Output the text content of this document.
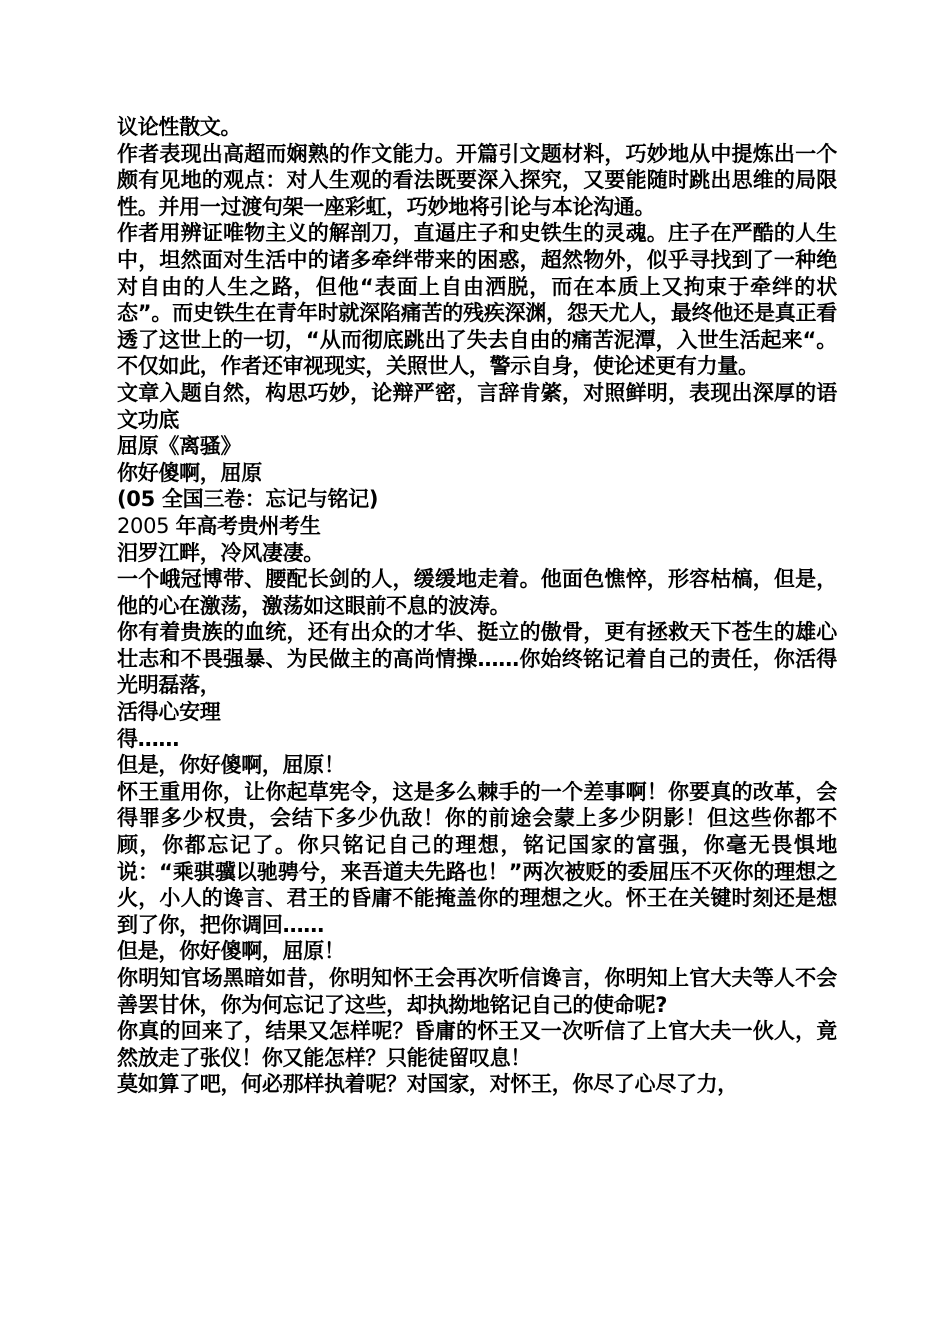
议论性散文。

作者表现出高超而娴熟的作文能力。开篇引文题材料，巧妙地从中提炼出一个颇有见地的观点：对人生观的看法既要深入探究，又要能随时跳出思维的局限性。并用一过渡句架一座彩虹，巧妙地将引论与本论沟通。

作者用辨证唯物主义的解剖刀，直逼庄子和史铁生的灵魂。庄子在严酷的人生中，坦然面对生活中的诸多牵绊带来的困惑，超然物外，似乎寻找到了一种绝对自由的人生之路，但他“表面上自由洒脱，而在本质上又拘束于牵绊的状态”。而史铁生在青年时就深陷痛苦的残疾深渊，怨天尤人，最终他还是真正看透了这世上的一切，“从而彻底跳出了失去自由的痛苦泥潭，入世生活起来“。不仅如此，作者还审视现实，关照世人，警示自身，使论述更有力量。

文章入题自然，构思巧妙，论辩严密，言辞肯綮，对照鲜明，表现出深厚的语文功底

屈原《离骚》

你好傻啊，屈原

(05 全国三卷：忘记与铭记)

2005 年高考贵州考生

汨罗江畔，冷风凄凄。

一个峨冠博带、腰配长剑的人，缓缓地走着。他面色憔悴，形容枯槁，但是，他的心在激荡，激荡如这眼前不息的波涛。

你有着贵族的血统，还有出众的才华、挺立的傲骨，更有拯救天下苍生的雄心壮志和不畏强暴、为民做主的高尚情操……你始终铭记着自己的责任，你活得光明磊落，

活得心安理

得……

但是，你好傻啊，屈原！

怀王重用你，让你起草宪令，这是多么棘手的一个差事啊！你要真的改革，会得罪多少权贵，会结下多少仇敌！你的前途会蒙上多少阴影！但这些你都不顾，你都忘记了。你只铭记自己的理想，铭记国家的富强，你毫无畏惧地说：“乘骐骥以驰骋兮，来吾道夫先路也！”两次被贬的委屈压不灭你的理想之火，小人的谗言、君王的昏庸不能掩盖你的理想之火。怀王在关键时刻还是想到了你，把你调回……

但是，你好傻啊，屈原！

你明知官场黑暗如昔，你明知怀王会再次听信谗言，你明知上官大夫等人不会善罢甘休，你为何忘记了这些，却执拗地铭记自己的使命呢?

你真的回来了，结果又怎样呢？昏庸的怀王又一次听信了上官大夫一伙人，竟然放走了张仪！你又能怎样？只能徒留叹息！

莫如算了吧，何必那样执着呢？对国家，对怀王，你尽了心尽了力，
